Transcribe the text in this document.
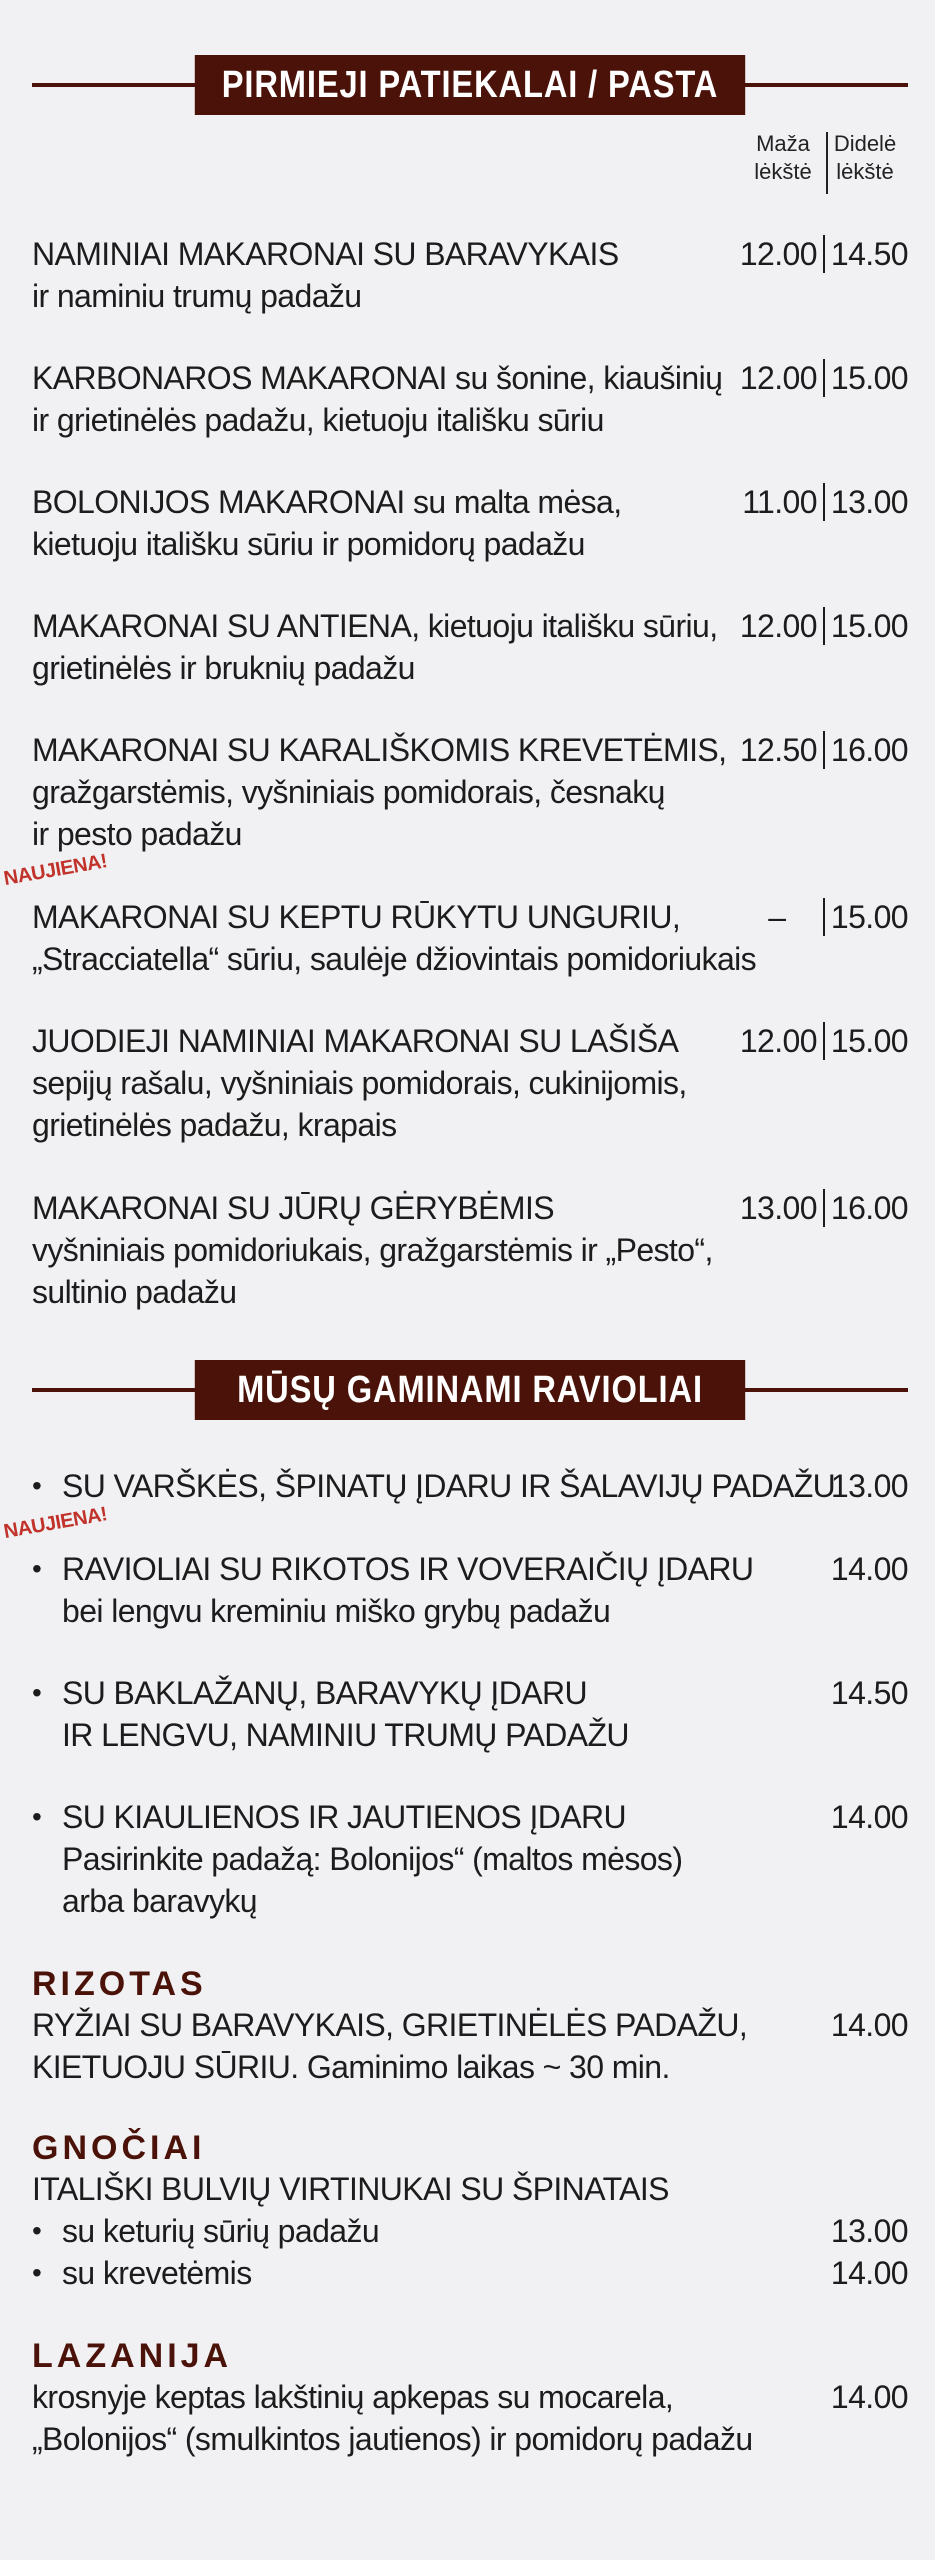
PIRMIEJI PATIEKALAI / PASTA
Maža
lėkštė
Didelė
lėkštė
NAMINIAI MAKARONAI SU BARAVYKAIS
ir naminiu trumų padažu
12.00 14.50
KARBONAROS MAKARONAI su šonine, kiaušinių
ir grietinėlės padažu, kietuoju itališku sūriu
12.00 15.00
BOLONIJOS MAKARONAI su malta mėsa,
kietuoju itališku sūriu ir pomidorų padažu
11.00 13.00
MAKARONAI SU ANTIENA, kietuoju itališku sūriu,
grietinėlės ir bruknių padažu
12.00 15.00
MAKARONAI SU KARALIŠKOMIS KREVETĖMIS,
gražgarstėmis, vyšniniais pomidorais, česnakų
ir pesto padažu
12.50 16.00
NAUJIENA!
MAKARONAI SU KEPTU RŪKYTU UNGURIU,
„Stracciatella“ sūriu, saulėje džiovintais pomidoriukais
– 15.00
JUODIEJI NAMINIAI MAKARONAI SU LAŠIŠA
sepijų rašalu, vyšniniais pomidorais, cukinijomis,
grietinėlės padažu, krapais
12.00 15.00
MAKARONAI SU JŪRŲ GĖRYBĖMIS
vyšniniais pomidoriukais, gražgarstėmis ir „Pesto“,
sultinio padažu
13.00 16.00
MŪSŲ GAMINAMI RAVIOLIAI
• SU VARŠKĖS, ŠPINATŲ ĮDARU IR ŠALAVIJŲ PADAŽU
13.00
NAUJIENA!
• RAVIOLIAI SU RIKOTOS IR VOVERAIČIŲ ĮDARU
bei lengvu kreminiu miško grybų padažu
14.00
• SU BAKLAŽANŲ, BARAVYKŲ ĮDARU
IR LENGVU, NAMINIU TRUMŲ PADAŽU
14.50
• SU KIAULIENOS IR JAUTIENOS ĮDARU
Pasirinkite padažą: Bolonijos“ (maltos mėsos)
arba baravykų
14.00
RIZOTAS
RYŽIAI SU BARAVYKAIS, GRIETINĖLĖS PADAŽU,
KIETUOJU SŪRIU. Gaminimo laikas ~ 30 min.
14.00
GNOČIAI
ITALIŠKI BULVIŲ VIRTINUKAI SU ŠPINATAIS
• su keturių sūrių padažu	13.00
• su krevetėmis	14.00
LAZANIJA
krosnyje keptas lakštinių apkepas su mocarela,
„Bolonijos“ (smulkintos jautienos) ir pomidorų padažu
14.00
